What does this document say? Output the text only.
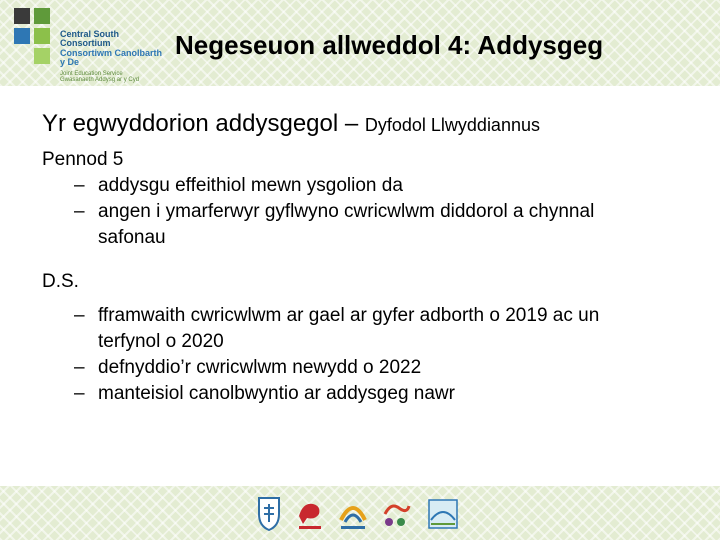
Central South Consortium
Consortiwm Canolbarth y De
Joint Education Service
Gwasanaeth Addysg ar y Cyd
Negeseuon allweddol 4: Addysgeg
Yr egwyddorion addysgegol – Dyfodol Llwyddiannus
Pennod 5
– addysgu effeithiol mewn ysgolion da
– angen i ymarferwyr gyflwyno cwricwlwm diddorol a chynnal safonau
D.S.
– fframwaith cwricwlwm ar gael ar gyfer adborth o 2019 ac un terfynol o 2020
– defnyddio’r cwricwlwm newydd o 2022
– manteisiol canolbwyntio ar addysgeg nawr
